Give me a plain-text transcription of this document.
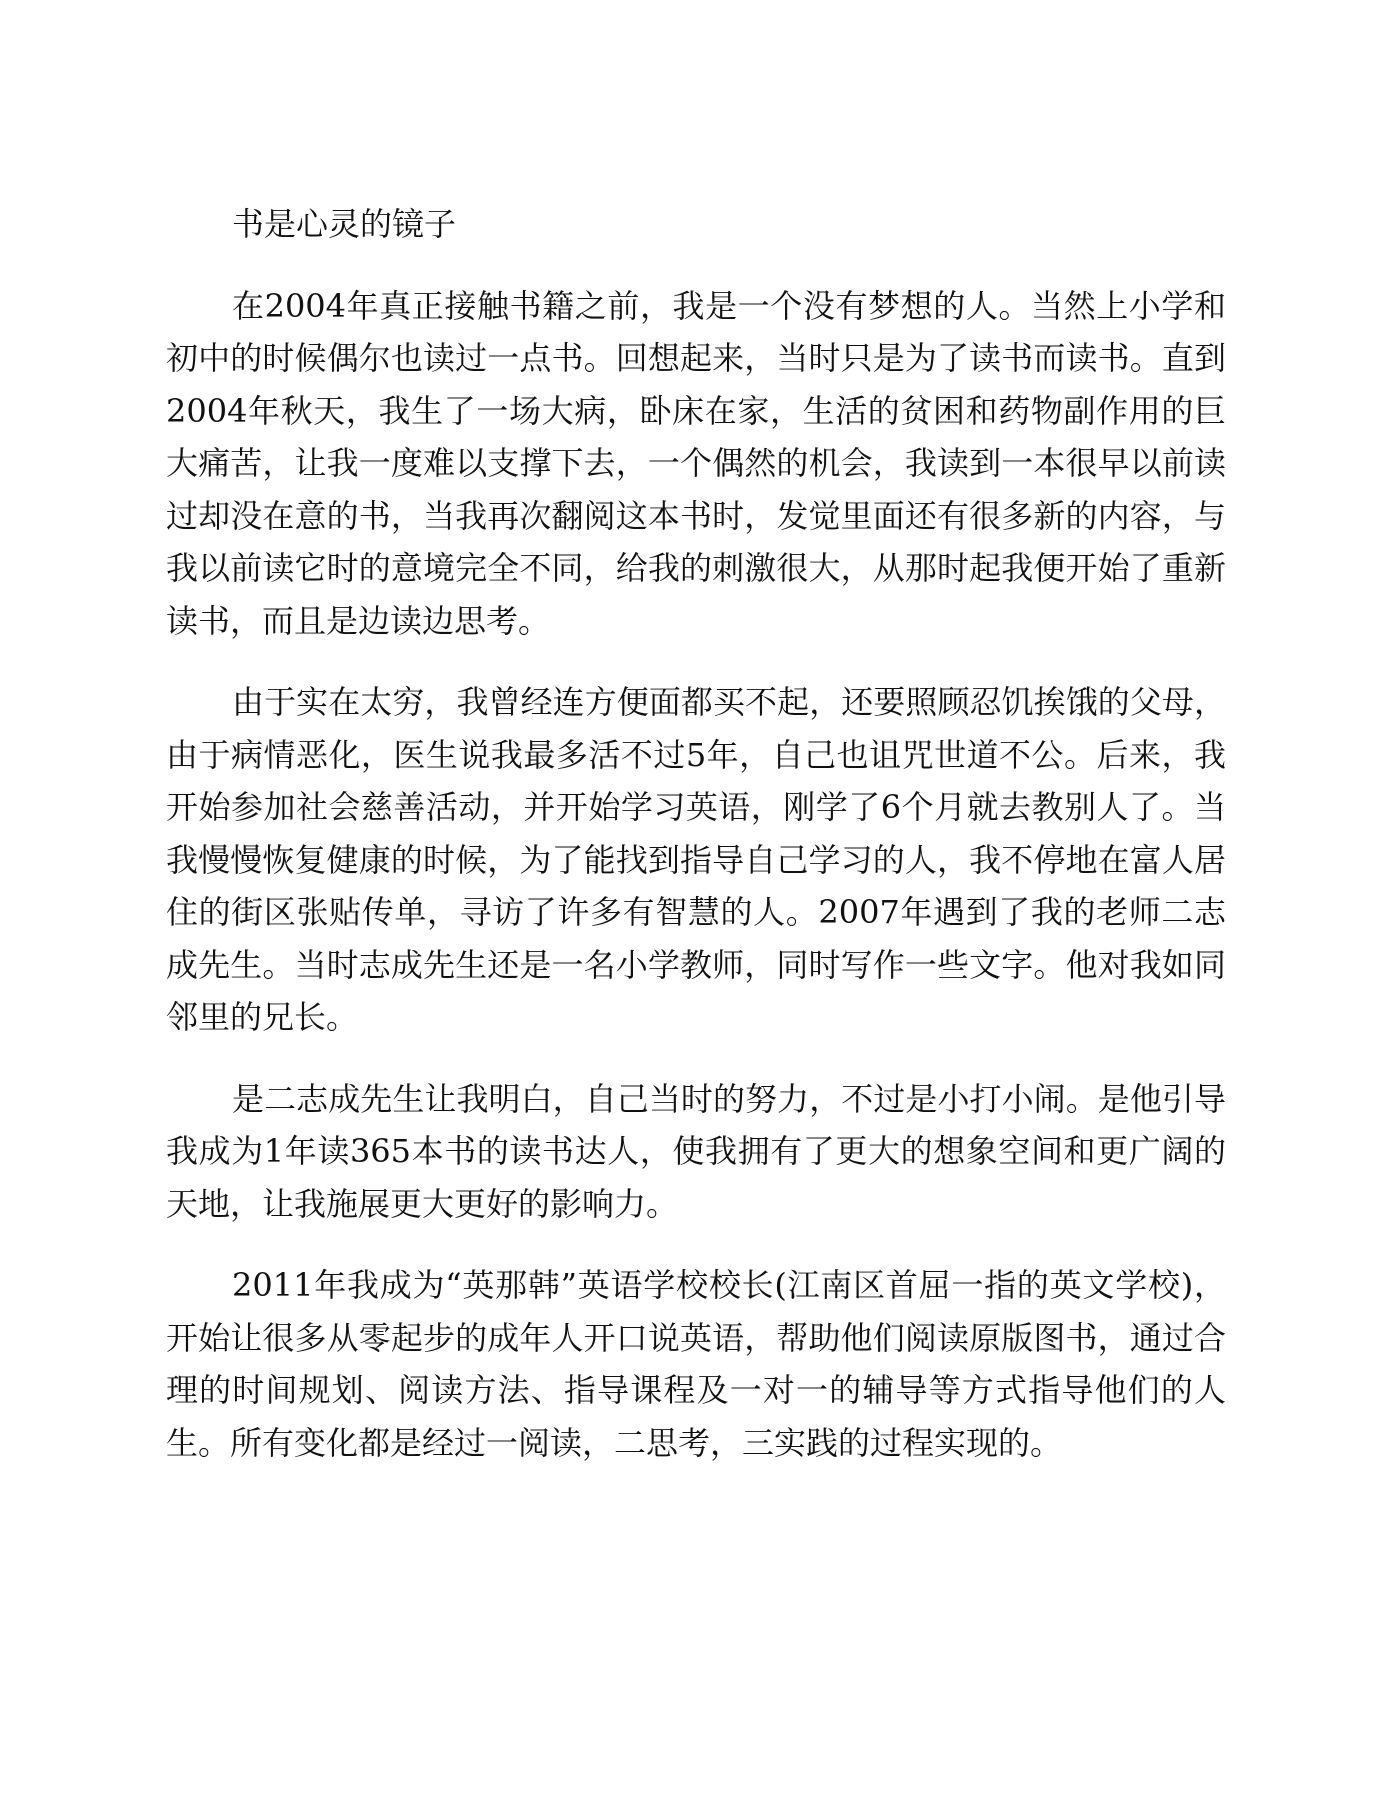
书是心灵的镜子

在2004年真正接触书籍之前，我是一个没有梦想的人。当然上小学和初中的时候偶尔也读过一点书。回想起来，当时只是为了读书而读书。直到2004年秋天，我生了一场大病，卧床在家，生活的贫困和药物副作用的巨大痛苦，让我一度难以支撑下去，一个偶然的机会，我读到一本很早以前读过却没在意的书，当我再次翻阅这本书时，发觉里面还有很多新的内容，与我以前读它时的意境完全不同，给我的刺激很大，从那时起我便开始了重新读书，而且是边读边思考。

由于实在太穷，我曾经连方便面都买不起，还要照顾忍饥挨饿的父母，由于病情恶化，医生说我最多活不过5年，自己也诅咒世道不公。后来，我开始参加社会慈善活动，并开始学习英语，刚学了6个月就去教别人了。当我慢慢恢复健康的时候，为了能找到指导自己学习的人，我不停地在富人居住的街区张贴传单，寻访了许多有智慧的人。2007年遇到了我的老师二志成先生。当时志成先生还是一名小学教师，同时写作一些文字。他对我如同邻里的兄长。

是二志成先生让我明白，自己当时的努力，不过是小打小闹。是他引导我成为1年读365本书的读书达人，使我拥有了更大的想象空间和更广阔的天地，让我施展更大更好的影响力。

2011年我成为“英那韩”英语学校校长(江南区首屈一指的英文学校)，开始让很多从零起步的成年人开口说英语，帮助他们阅读原版图书，通过合理的时间规划、阅读方法、指导课程及一对一的辅导等方式指导他们的人生。所有变化都是经过一阅读，二思考，三实践的过程实现的。
